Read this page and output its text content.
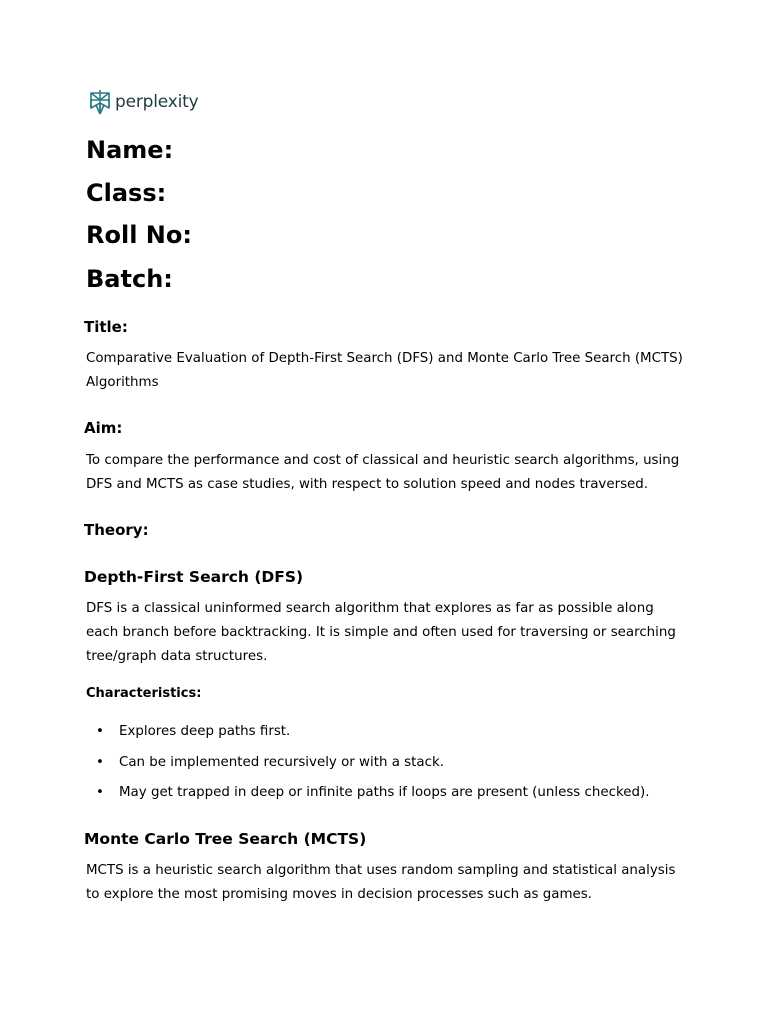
perplexity
Name:
Class:
Roll No:
Batch:
Title:

Comparative Evaluation of Depth-First Search (DFS) and Monte Carlo Tree Search (MCTS) Algorithms

Aim:

To compare the performance and cost of classical and heuristic search algorithms, using DFS and MCTS as case studies, with respect to solution speed and nodes traversed.

Theory:
Depth-First Search (DFS)

DFS is a classical uninformed search algorithm that explores as far as possible along each branch before backtracking. It is simple and often used for traversing or searching tree/graph data structures.

Characteristics:
• Explores deep paths first.
• Can be implemented recursively or with a stack.
• May get trapped in deep or infinite paths if loops are present (unless checked).
Monte Carlo Tree Search (MCTS)

MCTS is a heuristic search algorithm that uses random sampling and statistical analysis to explore the most promising moves in decision processes such as games.
